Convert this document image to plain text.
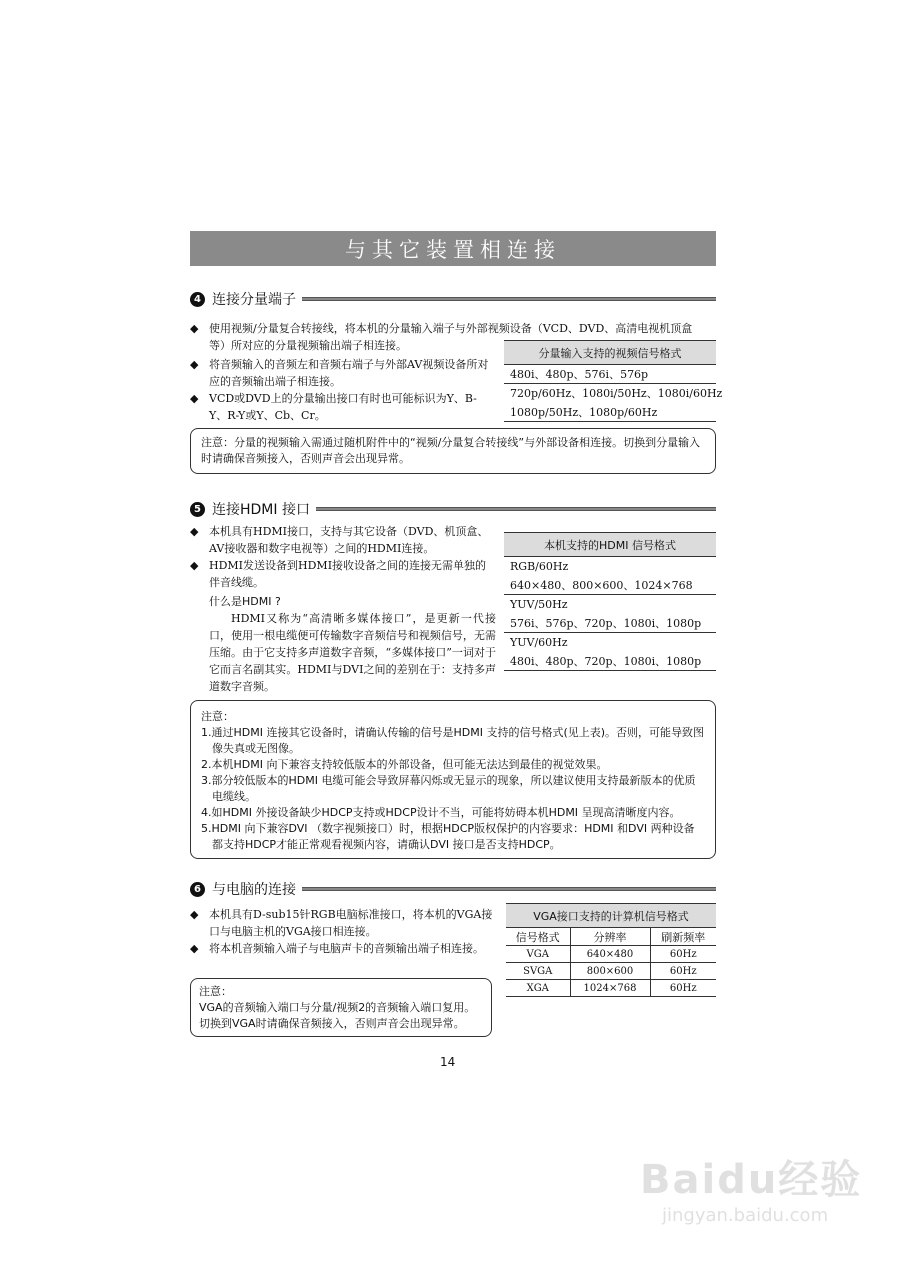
与其它装置相连接
4 连接分量端子
◆ 使用视频/分量复合转接线，将本机的分量输入端子与外部视频设备（VCD、DVD、高清电视机顶盒等）所对应的分量视频输出端子相连接。
◆ 将音频输入的音频左和音频右端子与外部AV视频设备所对应的音频输出端子相连接。
◆ VCD或DVD上的分量输出接口有时也可能标识为Y、B-Y、R-Y或Y、Cb、Cr。
分量输入支持的视频信号格式
480i、480p、576i、576p
720p/60Hz、1080i/50Hz、1080i/60Hz
1080p/50Hz、1080p/60Hz
注意：分量的视频输入需通过随机附件中的“视频/分量复合转接线”与外部设备相连接。切换到分量输入时请确保音频接入，否则声音会出现异常。
5 连接HDMI 接口
◆ 本机具有HDMI接口，支持与其它设备（DVD、机顶盒、AV接收器和数字电视等）之间的HDMI连接。
◆ HDMI发送设备到HDMI接收设备之间的连接无需单独的伴音线缆。
什么是HDMI ?
HDMI又称为“高清晰多媒体接口”，是更新一代接口，使用一根电缆便可传输数字音频信号和视频信号，无需压缩。由于它支持多声道数字音频，“多媒体接口”一词对于它而言名副其实。HDMI与DVI之间的差别在于：支持多声道数字音频。
本机支持的HDMI 信号格式
RGB/60Hz
640×480、800×600、1024×768
YUV/50Hz
576i、576p、720p、1080i、1080p
YUV/60Hz
480i、480p、720p、1080i、1080p
注意：
1.通过HDMI 连接其它设备时，请确认传输的信号是HDMI 支持的信号格式(见上表)。否则，可能导致图像失真或无图像。
2.本机HDMI 向下兼容支持较低版本的外部设备，但可能无法达到最佳的视觉效果。
3.部分较低版本的HDMI 电缆可能会导致屏幕闪烁或无显示的现象，所以建议使用支持最新版本的优质电缆线。
4.如HDMI 外接设备缺少HDCP支持或HDCP设计不当，可能将妨碍本机HDMI 呈现高清晰度内容。
5.HDMI 向下兼容DVI （数字视频接口）时，根据HDCP版权保护的内容要求：HDMI 和DVI 两种设备都支持HDCP才能正常观看视频内容，请确认DVI 接口是否支持HDCP。
6 与电脑的连接
◆ 本机具有D-sub15针RGB电脑标准接口，将本机的VGA接口与电脑主机的VGA接口相连接。
◆ 将本机音频输入端子与电脑声卡的音频输出端子相连接。
注意：
VGA的音频输入端口与分量/视频2的音频输入端口复用。切换到VGA时请确保音频接入，否则声音会出现异常。
VGA接口支持的计算机信号格式		
信号格式	分辨率	刷新频率
VGA	640×480	60Hz
SVGA	800×600	60Hz
XGA	1024×768	60Hz
14
Baidu经验
jingyan.baidu.com
